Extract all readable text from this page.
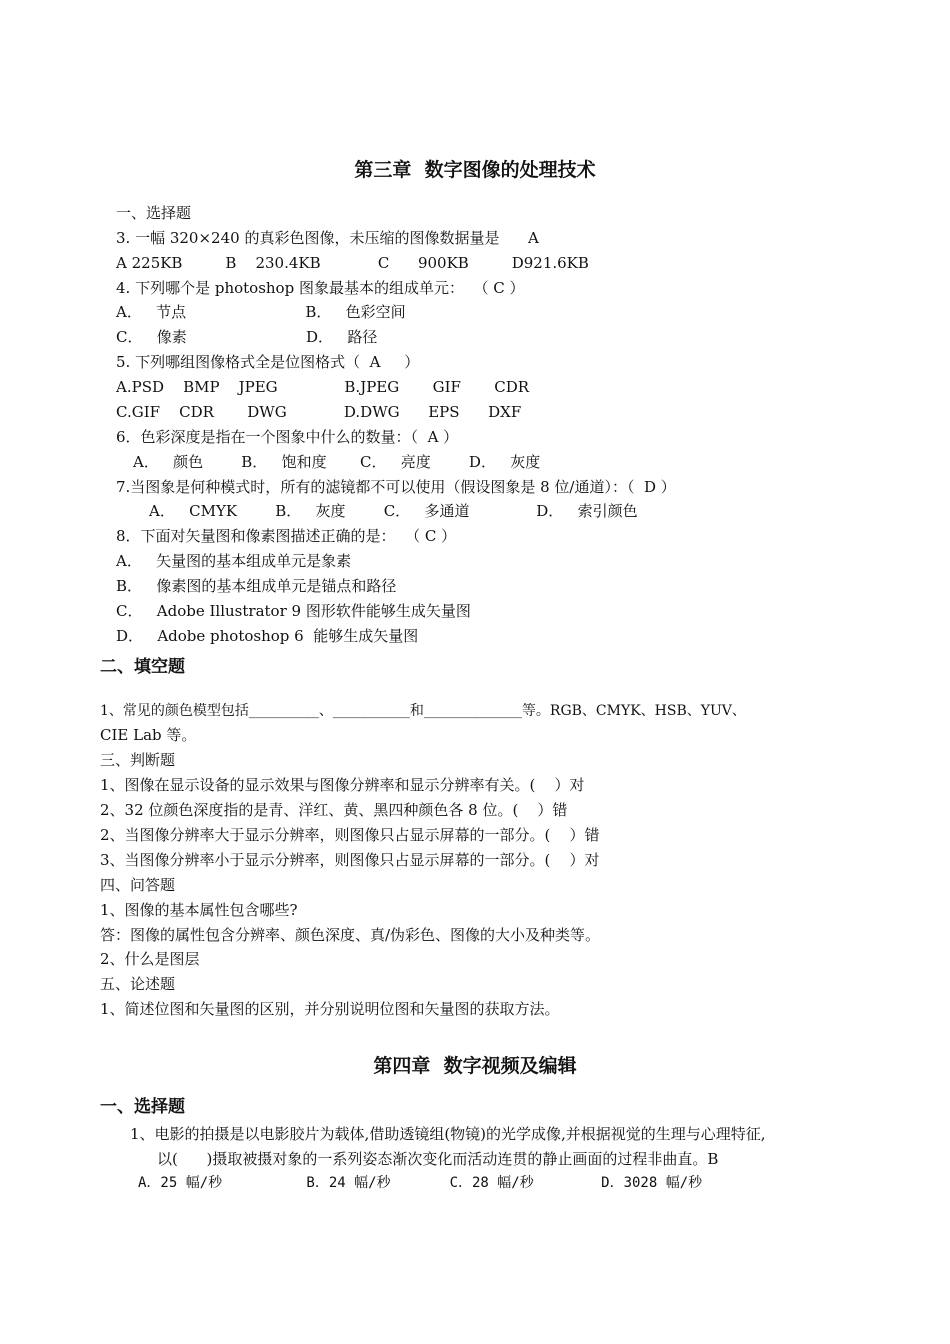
第三章  数字图像的处理技术
一、选择题
3. 一幅 320×240 的真彩色图像，未压缩的图像数据量是      A
A 225KB         B    230.4KB            C      900KB         D921.6KB
4. 下列哪个是 photoshop 图象最基本的组成单元：  （ C ）
A．   节点                         B．   色彩空间
C．   像素                         D．   路径
5. 下列哪组图像格式全是位图格式（  A     ）
A.PSD    BMP    JPEG              B.JPEG       GIF       CDR
C.GIF    CDR       DWG            D.DWG      EPS      DXF
6．色彩深度是指在一个图象中什么的数量：（  A ）
A．   颜色        B．   饱和度       C．   亮度        D．   灰度
7.当图象是何种模式时，所有的滤镜都不可以使用（假设图象是 8 位/通道）：（  D ）
A．   CMYK        B．   灰度        C．   多通道              D．   索引颜色
8．下面对矢量图和像素图描述正确的是：  （ C ）
A．   矢量图的基本组成单元是象素
B．   像素图的基本组成单元是锚点和路径
C．   Adobe Illustrator 9 图形软件能够生成矢量图
D．   Adobe photoshop 6  能够生成矢量图
二、填空题
1、常见的颜色模型包括__________、___________和______________等。RGB、CMYK、HSB、YUV、
CIE Lab 等。
三、判断题
1、图像在显示设备的显示效果与图像分辨率和显示分辨率有关。(    ）对
2、32 位颜色深度指的是青、洋红、黄、黑四种颜色各 8 位。(    ）错
2、当图像分辨率大于显示分辨率，则图像只占显示屏幕的一部分。(    ）错
3、当图像分辨率小于显示分辨率，则图像只占显示屏幕的一部分。(    ）对
四、问答题
1、图像的基本属性包含哪些?
答：图像的属性包含分辨率、颜色深度、真/伪彩色、图像的大小及种类等。
2、什么是图层
五、论述题
1、简述位图和矢量图的区别，并分别说明位图和矢量图的获取方法。
第四章  数字视频及编辑
一、选择题
1、电影的拍摄是以电影胶片为载体,借助透镜组(物镜)的光学成像,并根据视觉的生理与心理特征,
以(      )摄取被摄对象的一系列姿态渐次变化而活动连贯的静止画面的过程非曲直。B
A．25 幅/秒          B．24 幅/秒       C．28 幅/秒        D．3028 幅/秒
